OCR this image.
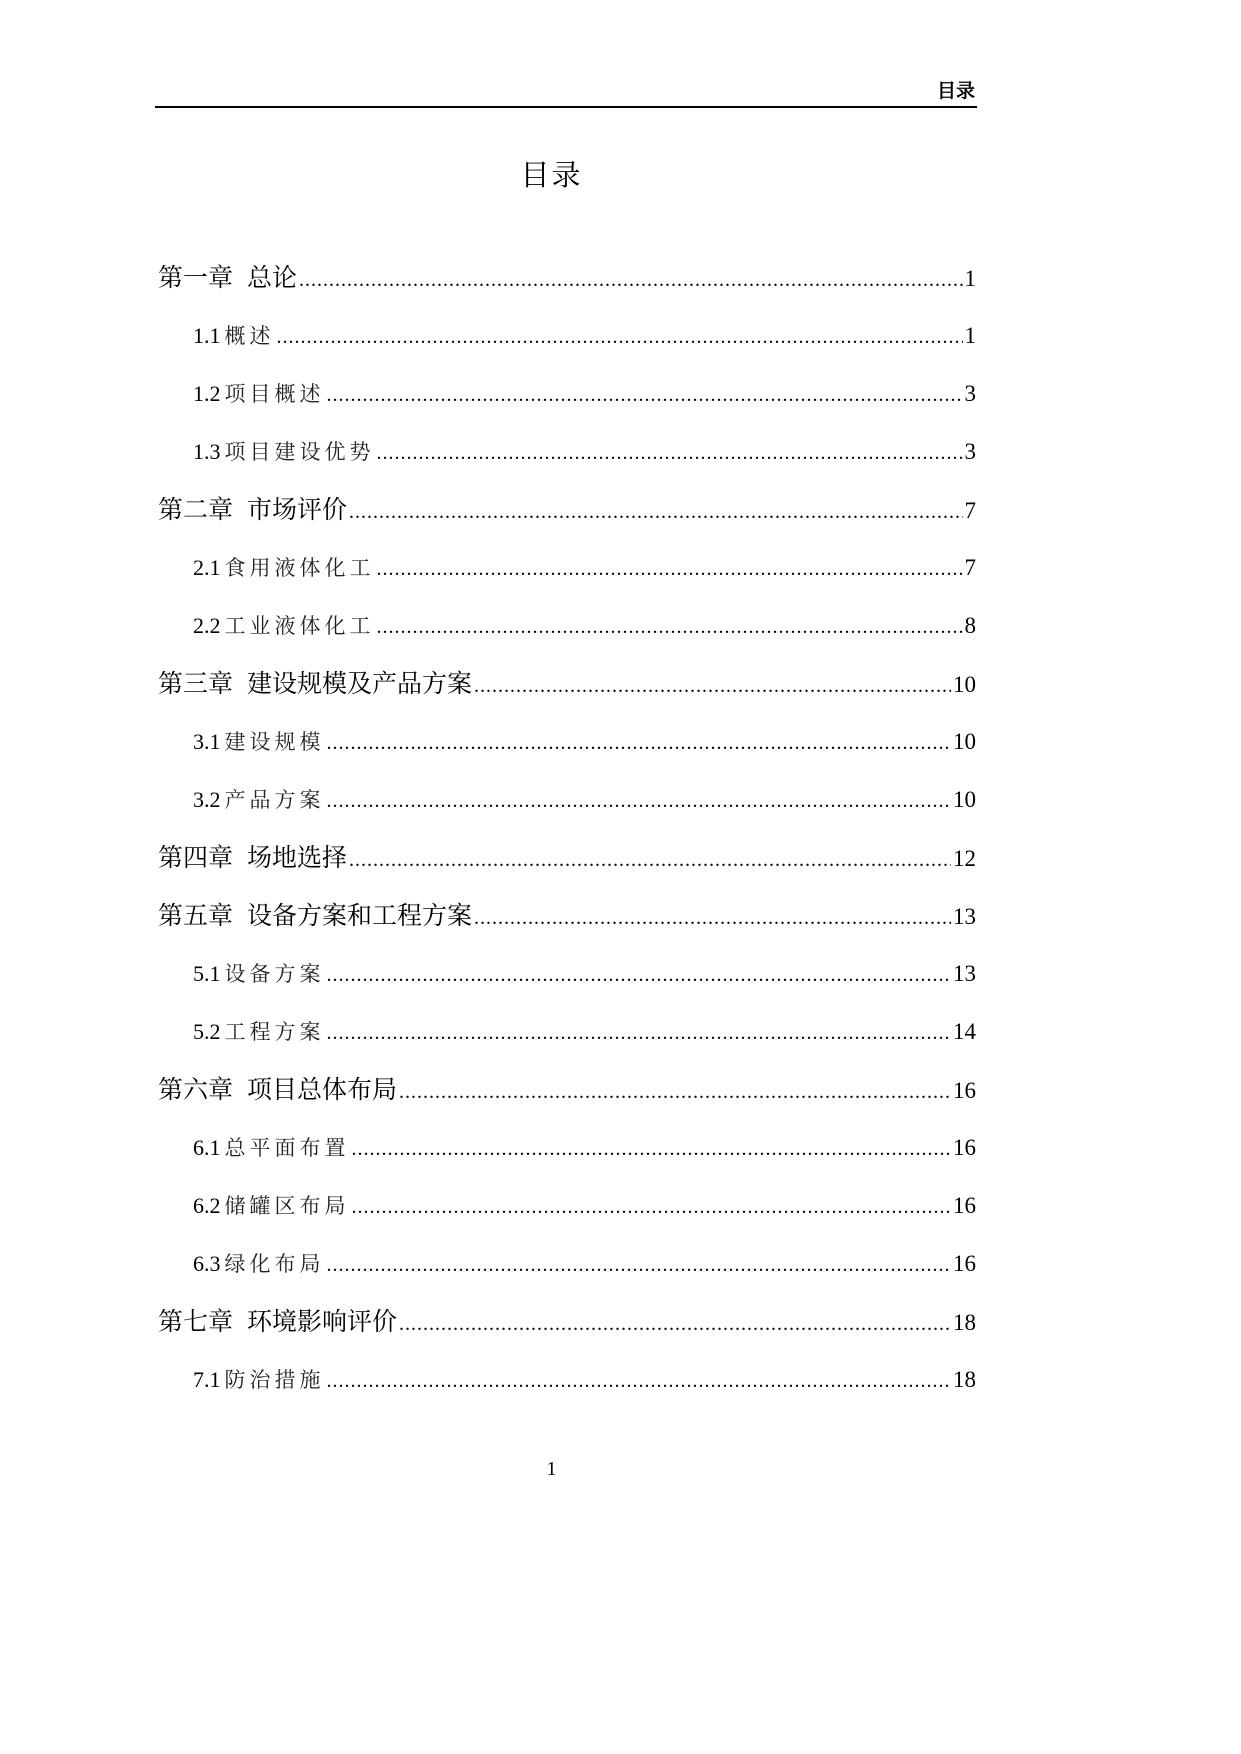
目录
目录
第一章 总论 .....	1
1.1 概述 .....	1
1.2 项目概述 .....	3
1.3 项目建设优势 .....	3
第二章 市场评价 .....	7
2.1 食用液体化工 .....	7
2.2 工业液体化工 .....	8
第三章 建设规模及产品方案 .....	10
3.1 建设规模 .....	10
3.2 产品方案 .....	10
第四章 场地选择 .....	12
第五章 设备方案和工程方案 .....	13
5.1 设备方案 .....	13
5.2 工程方案 .....	14
第六章 项目总体布局 .....	16
6.1 总平面布置 .....	16
6.2 储罐区布局 .....	16
6.3 绿化布局 .....	16
第七章 环境影响评价 .....	18
7.1 防治措施 .....	18
1
